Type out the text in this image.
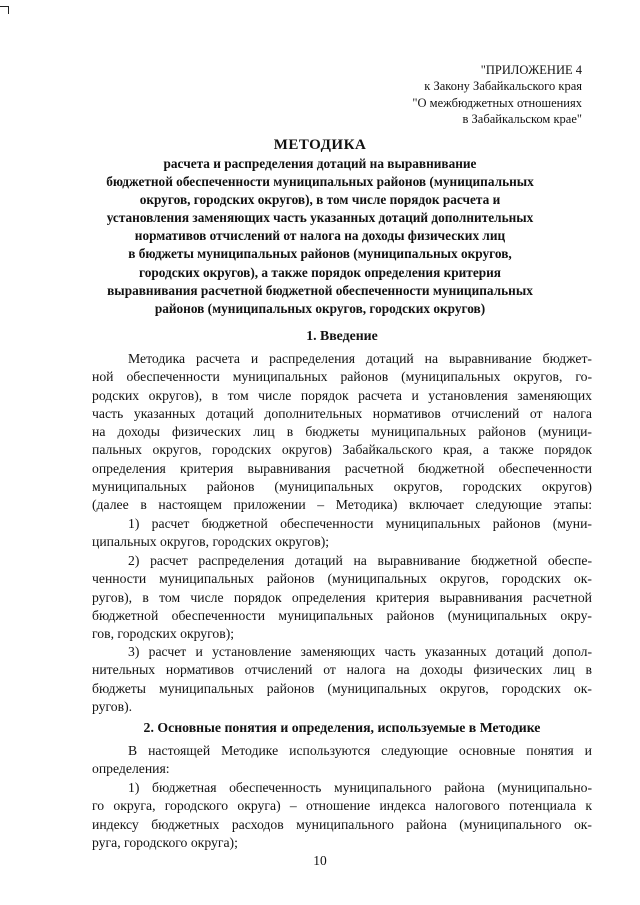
"ПРИЛОЖЕНИЕ 4
к Закону Забайкальского края
"О межбюджетных отношениях
в Забайкальском крае"
МЕТОДИКА
расчета и распределения дотаций на выравнивание
бюджетной обеспеченности муниципальных районов (муниципальных
округов, городских округов), в том числе порядок расчета и
установления заменяющих часть указанных дотаций дополнительных
нормативов отчислений от налога на доходы физических лиц
в бюджеты муниципальных районов (муниципальных округов,
городских округов), а также порядок определения критерия
выравнивания расчетной бюджетной обеспеченности муниципальных
районов (муниципальных округов, городских округов)
1. Введение
Методика расчета и распределения дотаций на выравнивание бюджет-
ной обеспеченности муниципальных районов (муниципальных округов, го-
родских округов), в том числе порядок расчета и установления заменяющих
часть указанных дотаций дополнительных нормативов отчислений от налога
на доходы физических лиц в бюджеты муниципальных районов (муници-
пальных округов, городских округов) Забайкальского края, а также порядок
определения критерия выравнивания расчетной бюджетной обеспеченности
муниципальных районов (муниципальных округов, городских округов)
(далее в настоящем приложении – Методика) включает следующие этапы:
1) расчет бюджетной обеспеченности муниципальных районов (муни-
ципальных округов, городских округов);
2) расчет распределения дотаций на выравнивание бюджетной обеспе-
ченности муниципальных районов (муниципальных округов, городских ок-
ругов), в том числе порядок определения критерия выравнивания расчетной
бюджетной обеспеченности муниципальных районов (муниципальных окру-
гов, городских округов);
3) расчет и установление заменяющих часть указанных дотаций допол-
нительных нормативов отчислений от налога на доходы физических лиц в
бюджеты муниципальных районов (муниципальных округов, городских ок-
ругов).
2. Основные понятия и определения, используемые в Методике
В настоящей Методике используются следующие основные понятия и
определения:
1) бюджетная обеспеченность муниципального района (муниципально-
го округа, городского округа) – отношение индекса налогового потенциала к
индексу бюджетных расходов муниципального района (муниципального ок-
руга, городского округа);
10
